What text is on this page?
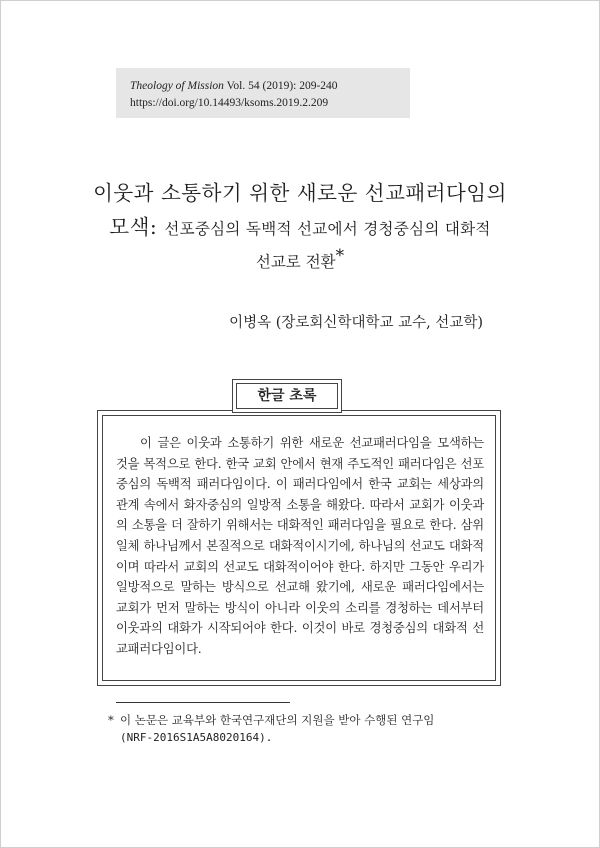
Theology of Mission Vol. 54 (2019): 209-240
https://doi.org/10.14493/ksoms.2019.2.209
이웃과 소통하기 위한 새로운 선교패러다임의
모색: 선포중심의 독백적 선교에서 경청중심의 대화적
선교로 전환*
이병옥 (장로회신학대학교 교수, 선교학)
한글 초록
이 글은 이웃과 소통하기 위한 새로운 선교패러다임을 모색하는 것을 목적으로 한다. 한국 교회 안에서 현재 주도적인 패러다임은 선포중심의 독백적 패러다임이다. 이 패러다임에서 한국 교회는 세상과의 관계 속에서 화자중심의 일방적 소통을 해왔다. 따라서 교회가 이웃과의 소통을 더 잘하기 위해서는 대화적인 패러다임을 필요로 한다. 삼위일체 하나님께서 본질적으로 대화적이시기에, 하나님의 선교도 대화적이며 따라서 교회의 선교도 대화적이어야 한다. 하지만 그동안 우리가 일방적으로 말하는 방식으로 선교해 왔기에, 새로운 패러다임에서는 교회가 먼저 말하는 방식이 아니라 이웃의 소리를 경청하는 데서부터 이웃과의 대화가 시작되어야 한다. 이것이 바로 경청중심의 대화적 선교패러다임이다.
* 이 논문은 교육부와 한국연구재단의 지원을 받아 수행된 연구임
(NRF-2016S1A5A8020164).
